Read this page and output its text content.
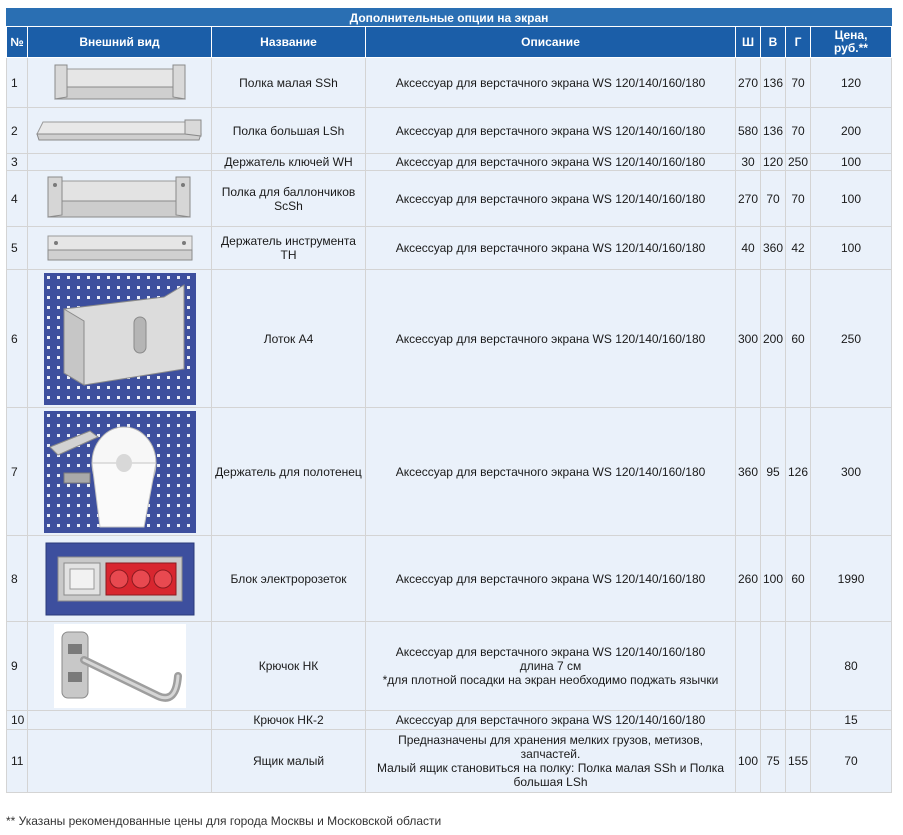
Дополнительные опции на экран							
№	Внешний вид	Название	Описание	Ш	В	Г	Цена,
руб.**
1		Полка малая SSh	Аксессуар для верстачного экрана WS 120/140/160/180	270	136	70	120
2		Полка большая LSh	Аксессуар для верстачного экрана WS 120/140/160/180	580	136	70	200
3		Держатель ключей WH	Аксессуар для верстачного экрана WS 120/140/160/180	30	120	250	100
4		Полка для баллончиков ScSh	Аксессуар для верстачного экрана WS 120/140/160/180	270	70	70	100
5		Держатель инструмента TH	Аксессуар для верстачного экрана WS 120/140/160/180	40	360	42	100
6		Лоток А4	Аксессуар для верстачного экрана WS 120/140/160/180	300	200	60	250
7		Держатель для полотенец	Аксессуар для верстачного экрана WS 120/140/160/180	360	95	126	300
8		Блок электророзеток	Аксессуар для верстачного экрана WS 120/140/160/180	260	100	60	1990
9		Крючок НК	Аксессуар для верстачного экрана WS 120/140/160/180
длина 7 см
*для плотной посадки на экран необходимо поджать язычки				80
10		Крючок НК-2	Аксессуар для верстачного экрана WS 120/140/160/180				15
11		Ящик малый	Предназначены для хранения мелких грузов, метизов, запчастей.
Малый ящик становиться на полку: Полка малая SSh и Полка большая LSh	100	75	155	70
** Указаны рекомендованные цены для города Москвы и Московской области
